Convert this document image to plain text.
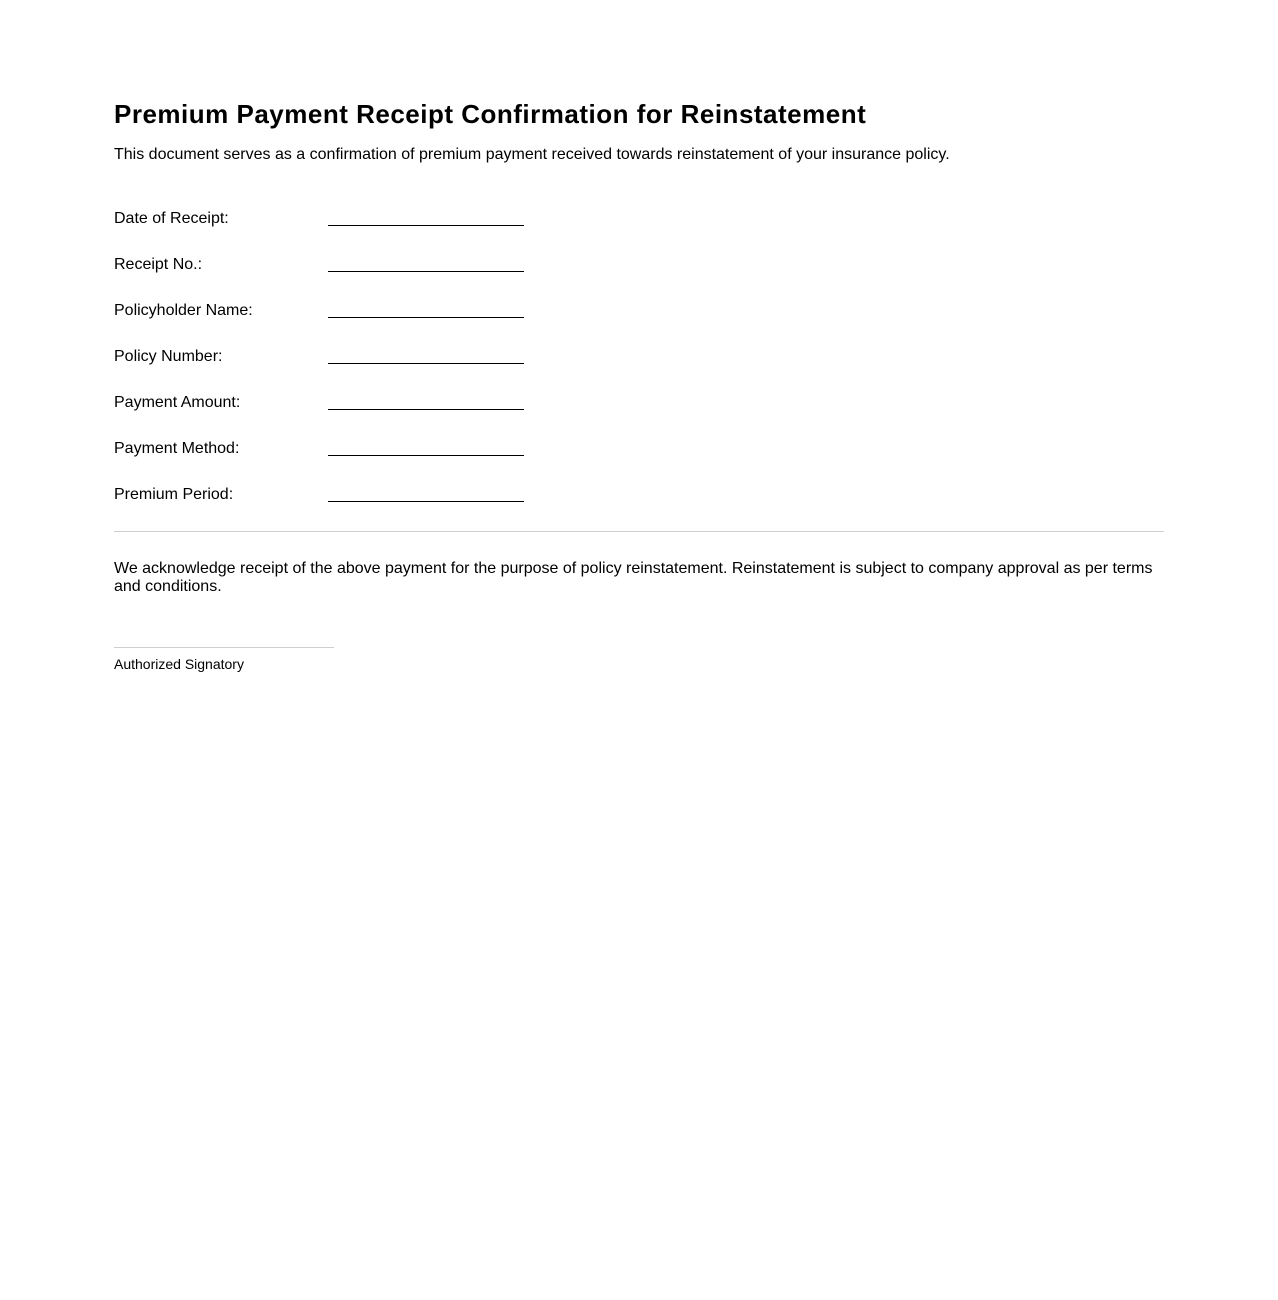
Premium Payment Receipt Confirmation for Reinstatement

This document serves as a confirmation of premium payment received towards reinstatement of your insurance policy.

Date of Receipt:
Receipt No.:
Policyholder Name:
Policy Number:
Payment Amount:
Payment Method:
Premium Period:

We acknowledge receipt of the above payment for the purpose of policy reinstatement. Reinstatement is subject to company approval as per terms and conditions.

Authorized Signatory
